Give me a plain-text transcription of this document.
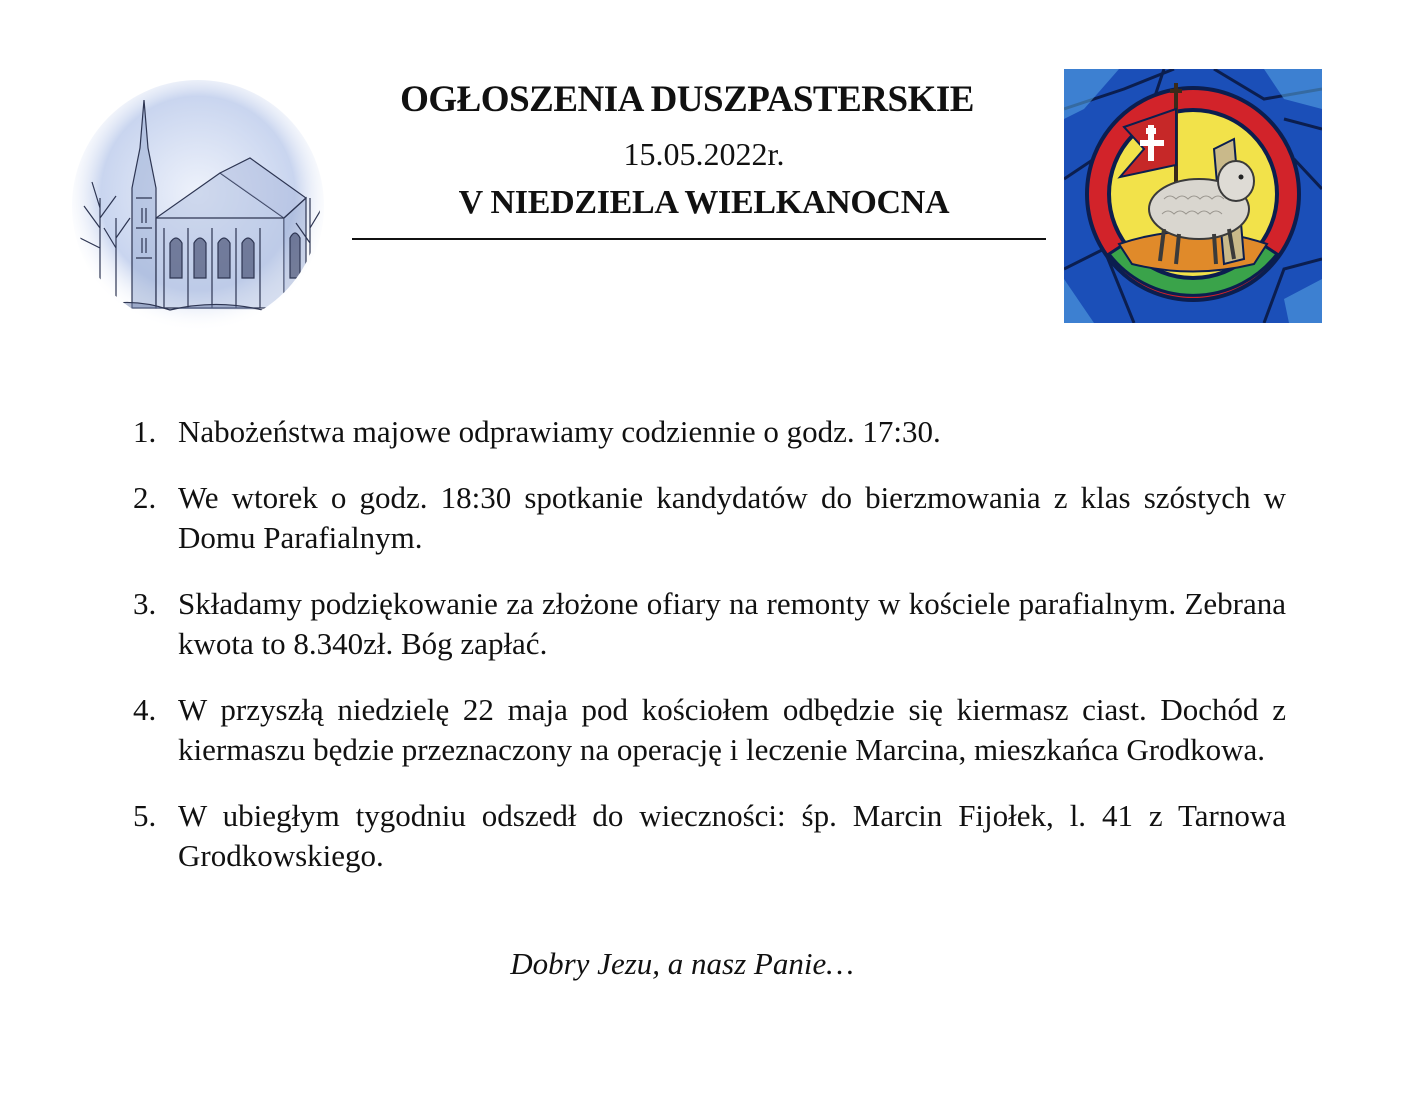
OGŁOSZENIA DUSZPASTERSKIE
15.05.2022r.
V NIEDZIELA WIELKANOCNA
1. Nabożeństwa majowe odprawiamy codziennie o godz. 17:30.
2. We wtorek o godz. 18:30 spotkanie kandydatów do bierzmowania z klas szóstych w Domu Parafialnym.
3. Składamy podziękowanie za złożone ofiary na remonty w kościele parafialnym. Zebrana kwota to 8.340zł. Bóg zapłać.
4. W przyszłą niedzielę 22 maja pod kościołem odbędzie się kiermasz ciast. Dochód z kiermaszu będzie przeznaczony na operację i leczenie Marcina, mieszkańca Grodkowa.
5. W ubiegłym tygodniu odszedł do wieczności: śp. Marcin Fijołek, l. 41 z Tarnowa Grodkowskiego.
Dobry Jezu, a nasz Panie…
